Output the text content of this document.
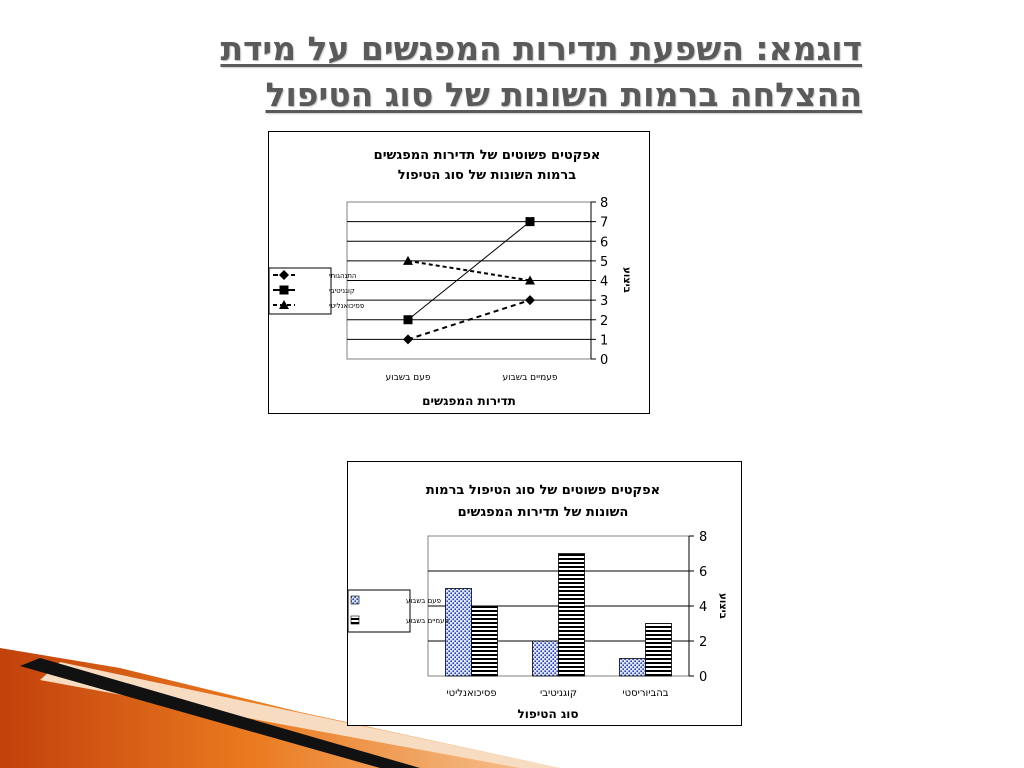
דוגמא: השפעת תדירות המפגשים על מידת
ההצלחה ברמות השונות של סוג הטיפול
אפקטים פשוטים של תדירות המפגשים
ברמות השונות של סוג הטיפול
0
1
2
3
4
5
6
7
8
פעם בשבוע	פעמיים בשבוע
תדירות המפגשים
ביצוע
התנהגותי
קוגניטיבי
פסיכואנליטי
אפקטים פשוטים של סוג הטיפול ברמות
השונות של תדירות המפגשים
0
2
4
6
8
פסיכואנליטי	קוגניטיבי	בהביוריסטי
סוג הטיפול
ביצוע
פעם בשבוע
פעמיים בשבוע
